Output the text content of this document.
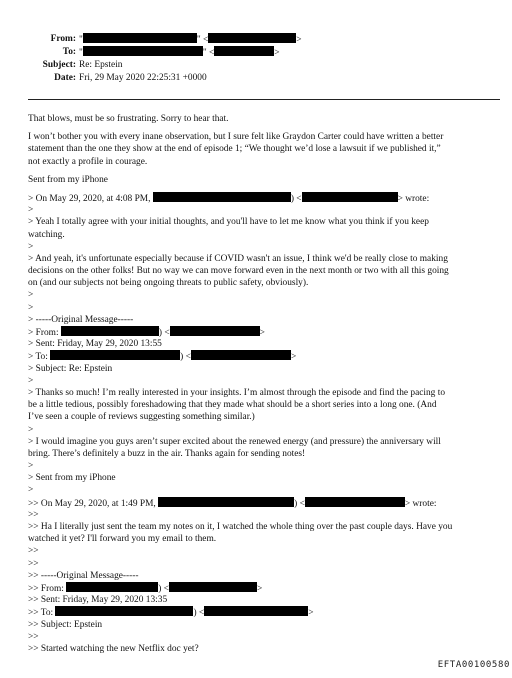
From: "	" <	>
To: "	" <	>
Subject: Re: Epstein
Date: Fri, 29 May 2020 22:25:31 +0000
That blows, must be so frustrating. Sorry to hear that.
I won’t bother you with every inane observation, but I sure felt like Graydon Carter could have written a better
statement than the one they show at the end of episode 1; “We thought we’d lose a lawsuit if we published it,”
not exactly a profile in courage.
Sent from my iPhone
> On May 29, 2020, at 4:08 PM,	) <	> wrote:
>
> Yeah I totally agree with your initial thoughts, and you'll have to let me know what you think if you keep
watching.
>
> And yeah, it's unfortunate especially because if COVID wasn't an issue, I think we'd be really close to making
decisions on the other folks! But no way we can move forward even in the next month or two with all this going
on (and our subjects not being ongoing threats to public safety, obviously).
>
>
> -----Original Message-----
> From:	) <	>
> Sent: Friday, May 29, 2020 13:55
> To:	) <	>
> Subject: Re: Epstein
>
> Thanks so much! I’m really interested in your insights. I’m almost through the episode and find the pacing to
be a little tedious, possibly foreshadowing that they made what should be a short series into a long one. (And
I’ve seen a couple of reviews suggesting something similar.)
>
> I would imagine you guys aren’t super excited about the renewed energy (and pressure) the anniversary will
bring. There’s definitely a buzz in the air. Thanks again for sending notes!
>
> Sent from my iPhone
>
>> On May 29, 2020, at 1:49 PM,	) <	> wrote:
>>
>> Ha I literally just sent the team my notes on it, I watched the whole thing over the past couple days. Have you
watched it yet? I'll forward you my email to them.
>>
>>
>> -----Original Message-----
>> From:	) <	>
>> Sent: Friday, May 29, 2020 13:35
>> To:	) <	>
>> Subject: Epstein
>>
>> Started watching the new Netflix doc yet?
EFTA00100580
